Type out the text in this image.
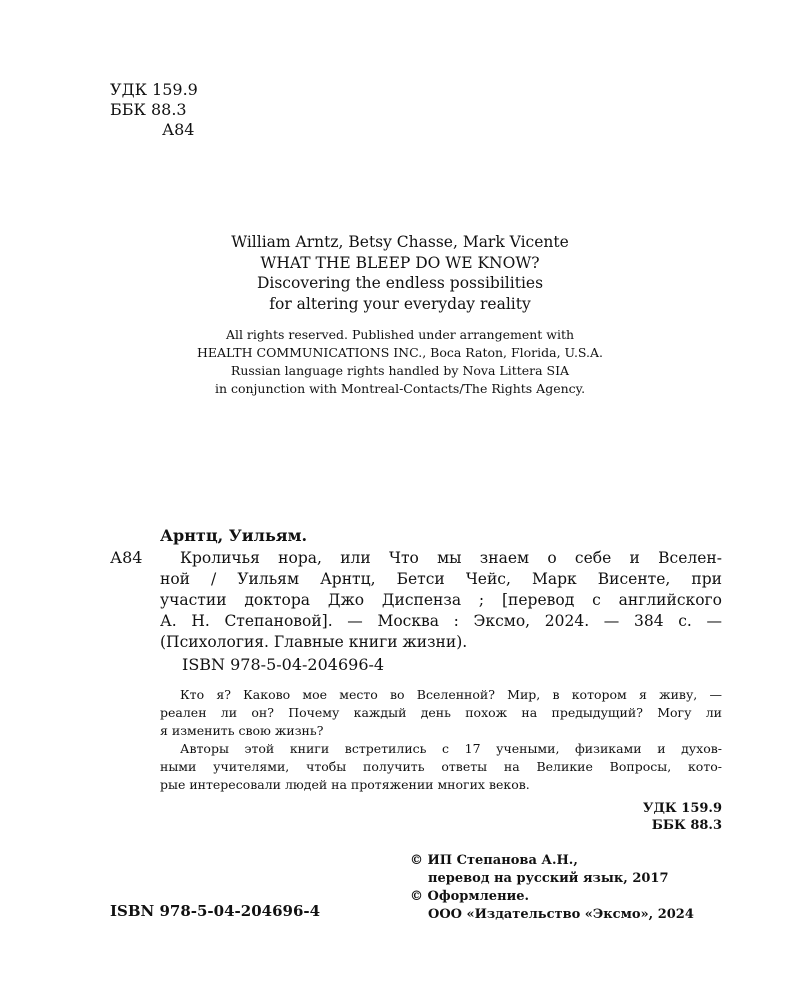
УДК 159.9
ББК 88.3
А84
William Arntz, Betsy Chasse, Mark Vicente
WHAT THE BLEEP DO WE KNOW?
Discovering the endless possibilities
for altering your everyday reality
All rights reserved. Published under arrangement with
HEALTH COMMUNICATIONS INC., Boca Raton, Florida, U.S.A.
Russian language rights handled by Nova Littera SIA
in conjunction with Montreal-Contacts/The Rights Agency.
Арнтц, Уильям.
А84	Кроличья нора, или Что мы знаем о себе и Вселен-
ной / Уильям Арнтц, Бетси Чейс, Марк Висенте, при
участии доктора Джо Диспенза ; [перевод с английского
А. Н. Степановой]. — Москва : Эксмо, 2024. — 384 с. —
(Психология. Главные книги жизни).
ISBN 978-5-04-204696-4
Кто я? Каково мое место во Вселенной? Мир, в котором я живу, —
реален ли он? Почему каждый день похож на предыдущий? Могу ли
я изменить свою жизнь?
Авторы этой книги встретились с 17 учеными, физиками и духов-
ными учителями, чтобы получить ответы на Великие Вопросы, кото-
рые интересовали людей на протяжении многих веков.
УДК 159.9
ББК 88.3
© ИП Степанова А.Н.,
перевод на русский язык, 2017
© Оформление.
ООО «Издательство «Эксмо», 2024
ISBN 978-5-04-204696-4
